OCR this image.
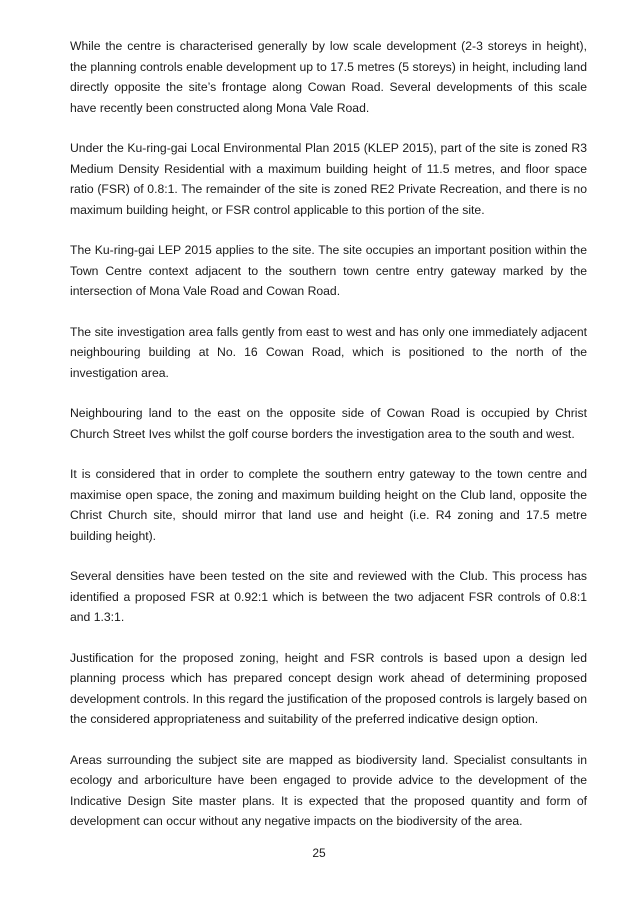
While the centre is characterised generally by low scale development (2-3 storeys in height), the planning controls enable development up to 17.5 metres (5 storeys) in height, including land directly opposite the site’s frontage along Cowan Road. Several developments of this scale have recently been constructed along Mona Vale Road.

Under the Ku-ring-gai Local Environmental Plan 2015 (KLEP 2015), part of the site is zoned R3 Medium Density Residential with a maximum building height of 11.5 metres, and floor space ratio (FSR) of 0.8:1. The remainder of the site is zoned RE2 Private Recreation, and there is no maximum building height, or FSR control applicable to this portion of the site.

The Ku-ring-gai LEP 2015 applies to the site. The site occupies an important position within the Town Centre context adjacent to the southern town centre entry gateway marked by the intersection of Mona Vale Road and Cowan Road.

The site investigation area falls gently from east to west and has only one immediately adjacent neighbouring building at No. 16 Cowan Road, which is positioned to the north of the investigation area.

Neighbouring land to the east on the opposite side of Cowan Road is occupied by Christ Church Street Ives whilst the golf course borders the investigation area to the south and west.

It is considered that in order to complete the southern entry gateway to the town centre and maximise open space, the zoning and maximum building height on the Club land, opposite the Christ Church site, should mirror that land use and height (i.e. R4 zoning and 17.5 metre building height).

Several densities have been tested on the site and reviewed with the Club. This process has identified a proposed FSR at 0.92:1 which is between the two adjacent FSR controls of 0.8:1 and 1.3:1.

Justification for the proposed zoning, height and FSR controls is based upon a design led planning process which has prepared concept design work ahead of determining proposed development controls. In this regard the justification of the proposed controls is largely based on the considered appropriateness and suitability of the preferred indicative design option.

Areas surrounding the subject site are mapped as biodiversity land. Specialist consultants in ecology and arboriculture have been engaged to provide advice to the development of the Indicative Design Site master plans. It is expected that the proposed quantity and form of development can occur without any negative impacts on the biodiversity of the area.

25
